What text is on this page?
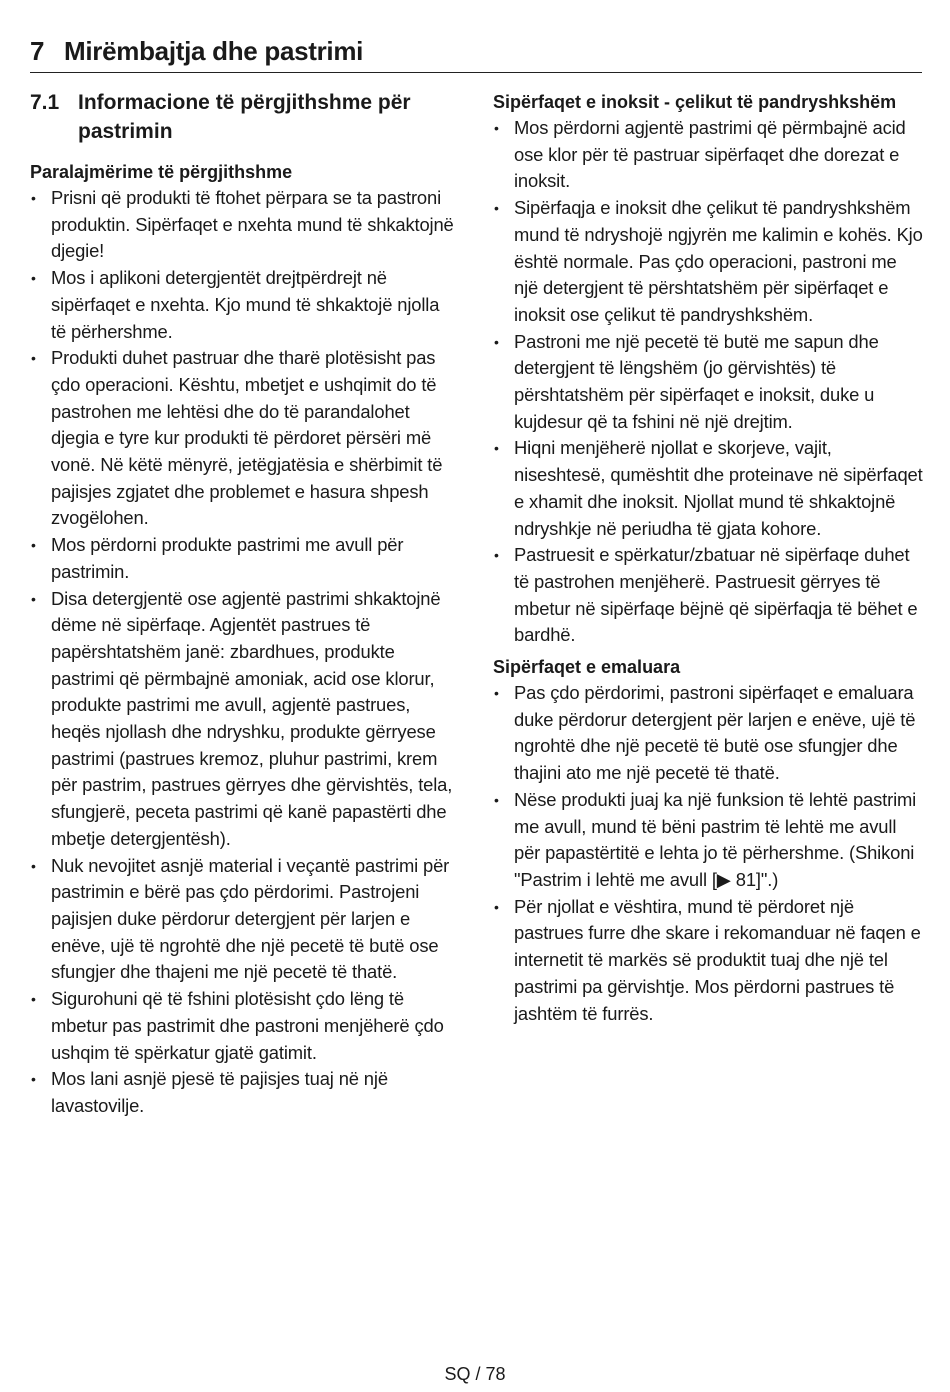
7 Mirëmbajtja dhe pastrimi
7.1 Informacione të përgjithshme për pastrimin
Paralajmërime të përgjithshme
• Prisni që produkti të ftohet përpara se ta pastroni produktin. Sipërfaqet e nxehta mund të shkaktojnë djegie!
• Mos i aplikoni detergjentët drejtpërdrejt në sipërfaqet e nxehta. Kjo mund të shkaktojë njolla të përhershme.
• Produkti duhet pastruar dhe tharë plotësisht pas çdo operacioni. Kështu, mbetjet e ushqimit do të pastrohen me lehtësi dhe do të parandalohet djegia e tyre kur produkti të përdoret përsëri më vonë. Në këtë mënyrë, jetëgjatësia e shërbimit të pajisjes zgjatet dhe problemet e hasura shpesh zvogëlohen.
• Mos përdorni produkte pastrimi me avull për pastrimin.
• Disa detergjentë ose agjentë pastrimi shkaktojnë dëme në sipërfaqe. Agjentët pastrues të papërshtatshëm janë: zbardhues, produkte pastrimi që përmbajnë amoniak, acid ose klorur, produkte pastrimi me avull, agjentë pastrues, heqës njollash dhe ndryshku, produkte gërryese pastrimi (pastrues kremoz, pluhur pastrimi, krem për pastrim, pastrues gërryes dhe gërvishtës, tela, sfungjerë, peceta pastrimi që kanë papastërti dhe mbetje detergjentësh).
• Nuk nevojitet asnjë material i veçantë pastrimi për pastrimin e bërë pas çdo përdorimi. Pastrojeni pajisjen duke përdorur detergjent për larjen e enëve, ujë të ngrohtë dhe një pecetë të butë ose sfungjer dhe thajeni me një pecetë të thatë.
• Sigurohuni që të fshini plotësisht çdo lëng të mbetur pas pastrimit dhe pastroni menjëherë çdo ushqim të spërkatur gjatë gatimit.
• Mos lani asnjë pjesë të pajisjes tuaj në një lavastovilje.
Sipërfaqet e inoksit - çelikut të pandryshkshëm
• Mos përdorni agjentë pastrimi që përmbajnë acid ose klor për të pastruar sipërfaqet dhe dorezat e inoksit.
• Sipërfaqja e inoksit dhe çelikut të pandryshkshëm mund të ndryshojë ngjyrën me kalimin e kohës. Kjo është normale. Pas çdo operacioni, pastroni me një detergjent të përshtatshëm për sipërfaqet e inoksit ose çelikut të pandryshkshëm.
• Pastroni me një pecetë të butë me sapun dhe detergjent të lëngshëm (jo gërvishtës) të përshtatshëm për sipërfaqet e inoksit, duke u kujdesur që ta fshini në një drejtim.
• Hiqni menjëherë njollat e skorjeve, vajit, niseshtesë, qumështit dhe proteinave në sipërfaqet e xhamit dhe inoksit. Njollat mund të shkaktojnë ndryshkje në periudha të gjata kohore.
• Pastruesit e spërkatur/zbatuar në sipërfaqe duhet të pastrohen menjëherë. Pastruesit gërryes të mbetur në sipërfaqe bëjnë që sipërfaqja të bëhet e bardhë.
Sipërfaqet e emaluara
• Pas çdo përdorimi, pastroni sipërfaqet e emaluara duke përdorur detergjent për larjen e enëve, ujë të ngrohtë dhe një pecetë të butë ose sfungjer dhe thajini ato me një pecetë të thatë.
• Nëse produkti juaj ka një funksion të lehtë pastrimi me avull, mund të bëni pastrim të lehtë me avull për papastërtitë e lehta jo të përhershme. (Shikoni "Pastrim i lehtë me avull [▶ 81]".)
• Për njollat e vështira, mund të përdoret një pastrues furre dhe skare i rekomanduar në faqen e internetit të markës së produktit tuaj dhe një tel pastrimi pa gërvishtje. Mos përdorni pastrues të jashtëm të furrës.
SQ / 78
